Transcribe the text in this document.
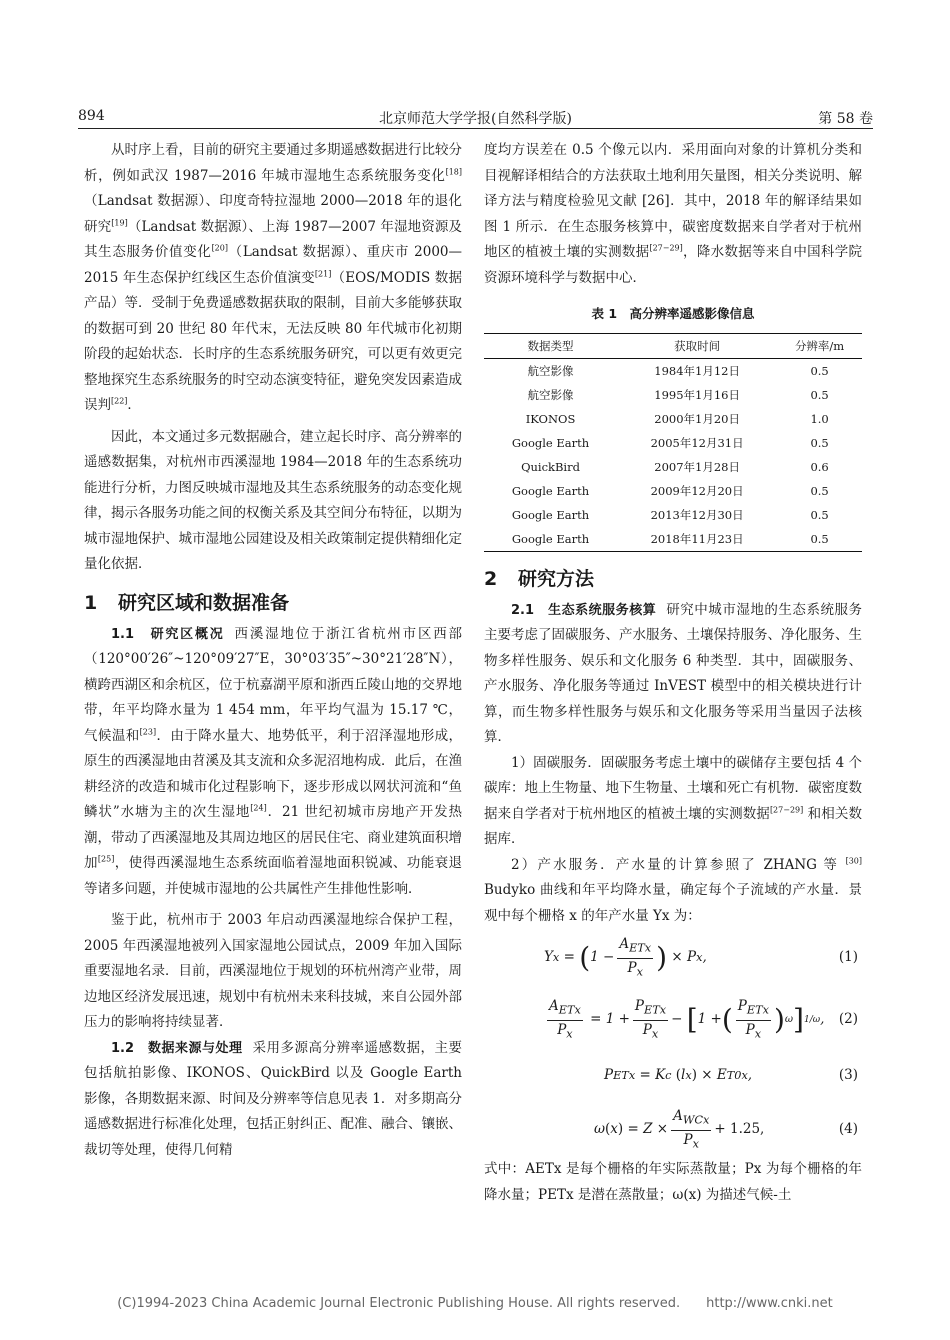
894	北京师范大学学报(自然科学版)	第 58 卷

从时序上看，目前的研究主要通过多期遥感数据进行比较分析，例如武汉 1987—2016 年城市湿地生态系统服务变化[18]（Landsat 数据源）、印度奇特拉湿地 2000—2018 年的退化研究[19]（Landsat 数据源）、上海 1987—2007 年湿地资源及其生态服务价值变化[20]（Landsat 数据源）、重庆市 2000—2015 年生态保护红线区生态价值演变[21]（EOS/MODIS 数据产品）等．受制于免费遥感数据获取的限制，目前大多能够获取的数据可到 20 世纪 80 年代末，无法反映 80 年代城市化初期阶段的起始状态．长时序的生态系统服务研究，可以更有效更完整地探究生态系统服务的时空动态演变特征，避免突发因素造成误判[22]．

因此，本文通过多元数据融合，建立起长时序、高分辨率的遥感数据集，对杭州市西溪湿地 1984—2018 年的生态系统功能进行分析，力图反映城市湿地及其生态系统服务的动态变化规律，揭示各服务功能之间的权衡关系及其空间分布特征，以期为城市湿地保护、城市湿地公园建设及相关政策制定提供精细化定量化依据．

1 研究区域和数据准备

1.1　研究区概况 西溪湿地位于浙江省杭州市区西部（120°00′26″~120°09′27″E，30°03′35″~30°21′28″N），横跨西湖区和余杭区，位于杭嘉湖平原和浙西丘陵山地的交界地带，年平均降水量为 1 454 mm，年平均气温为 15.17 ℃，气候温和[23]．由于降水量大、地势低平，利于沼泽湿地形成，原生的西溪湿地由苕溪及其支流和众多泥沼地构成．此后，在渔耕经济的改造和城市化过程影响下，逐步形成以网状河流和“鱼鳞状”水塘为主的次生湿地[24]．21 世纪初城市房地产开发热潮，带动了西溪湿地及其周边地区的居民住宅、商业建筑面积增加[25]，使得西溪湿地生态系统面临着湿地面积锐减、功能衰退等诸多问题，并使城市湿地的公共属性产生排他性影响．

鉴于此，杭州市于 2003 年启动西溪湿地综合保护工程，2005 年西溪湿地被列入国家湿地公园试点，2009 年加入国际重要湿地名录．目前，西溪湿地位于规划的环杭州湾产业带，周边地区经济发展迅速，规划中有杭州未来科技城，来自公园外部压力的影响将持续显著．

1.2　数据来源与处理 采用多源高分辨率遥感数据，主要包括航拍影像、IKONOS、QuickBird 以及 Google Earth 影像，各期数据来源、时间及分辨率等信息见表 1．对多期高分遥感数据进行标准化处理，包括正射纠正、配准、融合、镶嵌、裁切等处理，使得几何精

度均方误差在 0.5 个像元以内．采用面向对象的计算机分类和目视解译相结合的方法获取土地利用矢量图，相关分类说明、解译方法与精度检验见文献 [26]．其中，2018 年的解译结果如图 1 所示．在生态服务核算中，碳密度数据来自学者对于杭州地区的植被土壤的实测数据[27−29]，降水数据等来自中国科学院资源环境科学与数据中心．

表 1　高分辨率遥感影像信息
数据类型	获取时间	分辨率/m
航空影像	1984年1月12日	0.5
航空影像	1995年1月16日	0.5
IKONOS	2000年1月20日	1.0
Google Earth	2005年12月31日	0.5
QuickBird	2007年1月28日	0.6
Google Earth	2009年12月20日	0.5
Google Earth	2013年12月30日	0.5
Google Earth	2018年11月23日	0.5
2 研究方法

2.1　生态系统服务核算 研究中城市湿地的生态系统服务主要考虑了固碳服务、产水服务、土壤保持服务、净化服务、生物多样性服务、娱乐和文化服务 6 种类型．其中，固碳服务、产水服务、净化服务等通过 InVEST 模型中的相关模块进行计算，而生物多样性服务与娱乐和文化服务等采用当量因子法核算．

1）固碳服务．固碳服务考虑土壤中的碳储存主要包括 4 个碳库：地上生物量、地下生物量、土壤和死亡有机物．碳密度数据来自学者对于杭州地区的植被土壤的实测数据[27−29] 和相关数据库．

2）产水服务．产水量的计算参照了 ZHANG 等 [30] Budyko 曲线和年平均降水量，确定每个子流域的产水量．景观中每个栅格 x 的年产水量 Yx 为：

Y x = ( $1 - \frac{A_{ETx}}{P_x}$ ) × P x ,	(1)
$\frac{A_{ETx}}{P_x} = 1 + \frac{P_{ETx}}{P_x}$ − [ 1 + ( $\frac{P_{ETx}}{P_x}$ ) ω ] 1/ω , (2)
P ETx = K c
( l x ) × E T0x ,	(3)
ω ( x ) = $Z \times \frac{A_{WCx}}{P_x} + 1.25$,	(4)

式中：AETx 是每个栅格的年实际蒸散量；Px 为每个栅格的年降水量；PETx 是潜在蒸散量；ω(x) 为描述气候-土

(C)1994-2023 China Academic Journal Electronic Publishing House. All rights reserved.　　http://www.cnki.net
